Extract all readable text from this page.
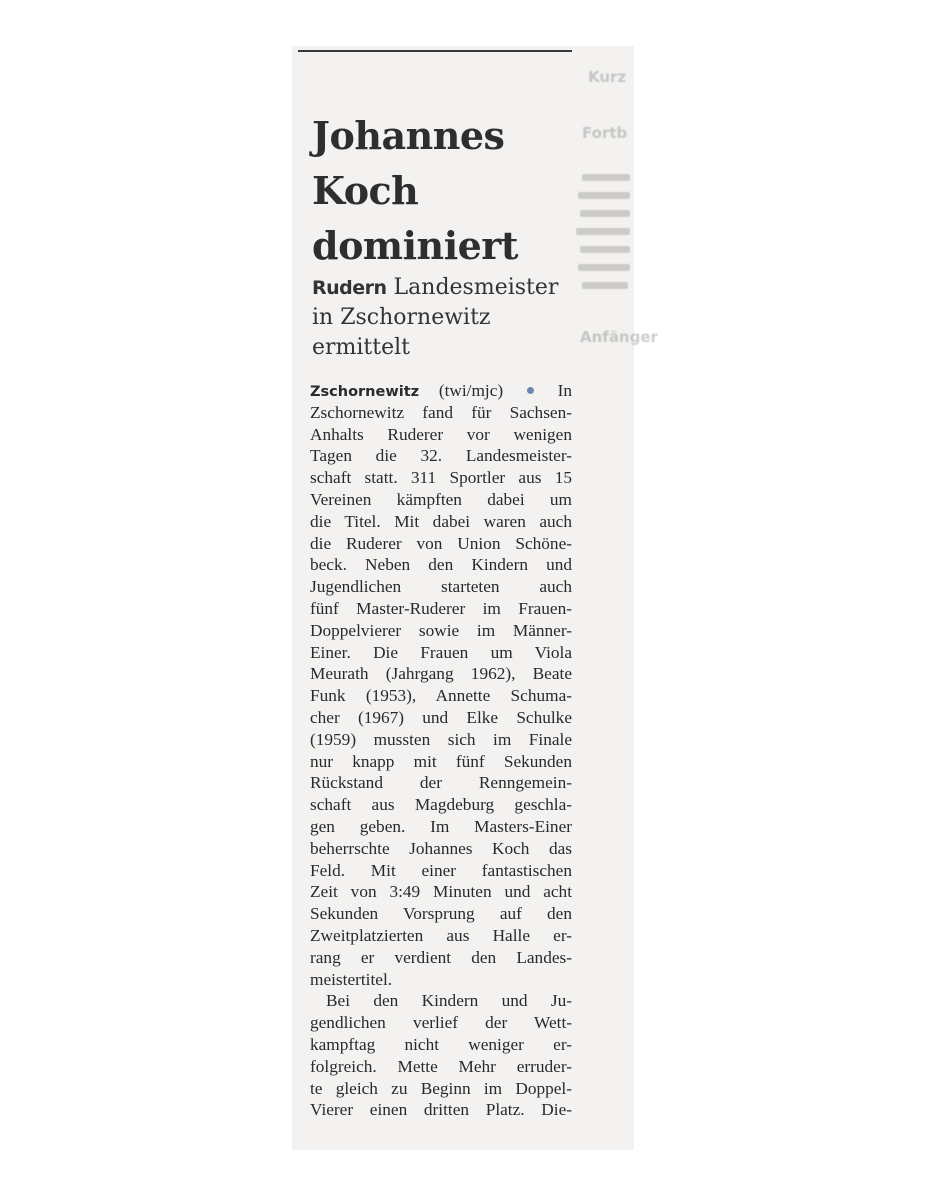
Kurz
Fortb
Anfänger
Johannes
Koch
dominiert
Rudern Landesmeister in Zschornewitz ermittelt
Zschornewitz (twi/mjc)	In
Zschornewitz fand für Sachsen-
Anhalts Ruderer vor wenigen
Tagen die 32. Landesmeister-
schaft statt. 311 Sportler aus 15
Vereinen kämpften dabei um
die Titel. Mit dabei waren auch
die Ruderer von Union Schöne-
beck. Neben den Kindern und
Jugendlichen starteten auch
fünf Master-Ruderer im Frauen-
Doppelvierer sowie im Männer-
Einer. Die Frauen um Viola
Meurath (Jahrgang 1962), Beate
Funk (1953), Annette Schuma-
cher (1967) und Elke Schulke
(1959) mussten sich im Finale
nur knapp mit fünf Sekunden
Rückstand der Renngemein-
schaft aus Magdeburg geschla-
gen geben. Im Masters-Einer
beherrschte Johannes Koch das
Feld. Mit einer fantastischen
Zeit von 3:49 Minuten und acht
Sekunden Vorsprung auf den
Zweitplatzierten aus Halle er-
rang er verdient den Landes-
meistertitel.
Bei den Kindern und Ju-
gendlichen verlief der Wett-
kampftag nicht weniger er-
folgreich. Mette Mehr erruder-
te gleich zu Beginn im Doppel-
Vierer einen dritten Platz. Die-
